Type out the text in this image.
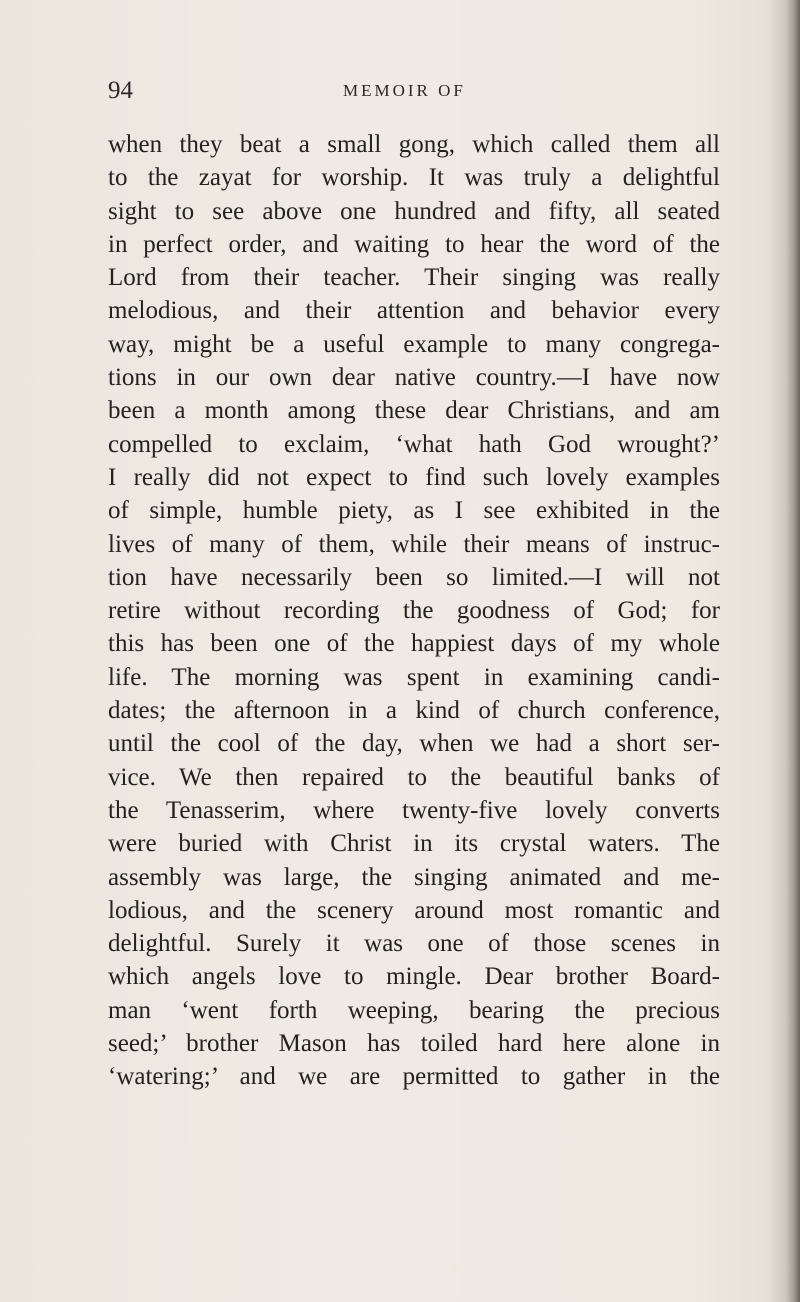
94	MEMOIR OF
when they beat a small gong, which called them all
to the zayat for worship. It was truly a delightful
sight to see above one hundred and fifty, all seated
in perfect order, and waiting to hear the word of the
Lord from their teacher. Their singing was really
melodious, and their attention and behavior every
way, might be a useful example to many congrega-
tions in our own dear native country.—I have now
been a month among these dear Christians, and am
compelled to exclaim, ‘what hath God wrought?’
I really did not expect to find such lovely examples
of simple, humble piety, as I see exhibited in the
lives of many of them, while their means of instruc-
tion have necessarily been so limited.—I will not
retire without recording the goodness of God; for
this has been one of the happiest days of my whole
life. The morning was spent in examining candi-
dates; the afternoon in a kind of church conference,
until the cool of the day, when we had a short ser-
vice. We then repaired to the beautiful banks of
the Tenasserim, where twenty-five lovely converts
were buried with Christ in its crystal waters. The
assembly was large, the singing animated and me-
lodious, and the scenery around most romantic and
delightful. Surely it was one of those scenes in
which angels love to mingle. Dear brother Board-
man ‘went forth weeping, bearing the precious
seed;’ brother Mason has toiled hard here alone in
‘watering;’ and we are permitted to gather in the
